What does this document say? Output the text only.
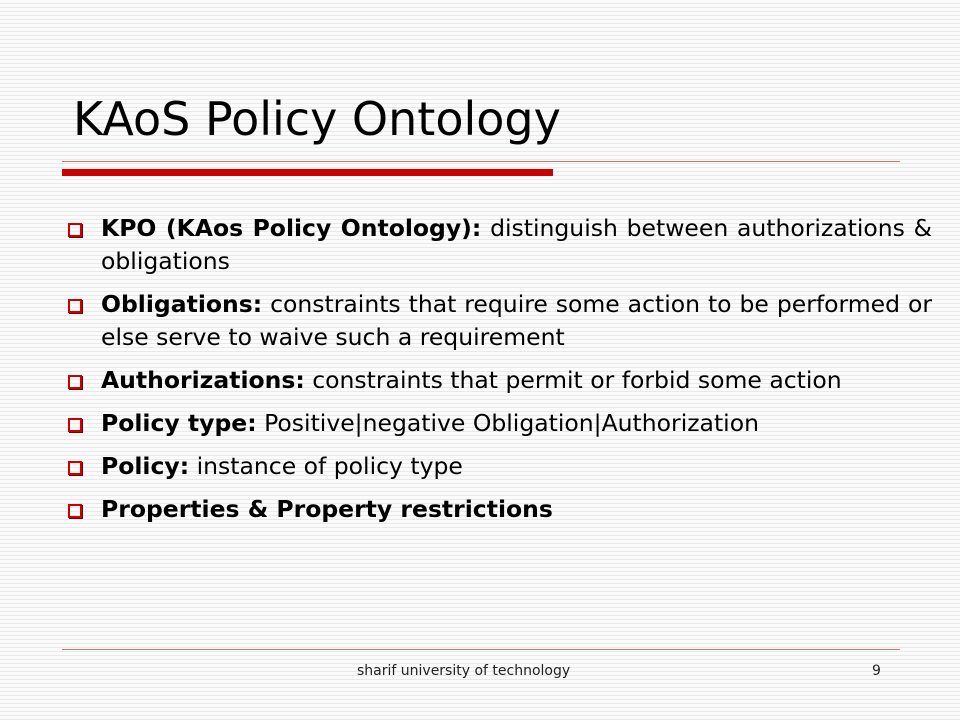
KAoS Policy Ontology
KPO (KAos Policy Ontology): distinguish between authorizations & obligations
Obligations: constraints that require some action to be performed or else serve to waive such a requirement
Authorizations: constraints that permit or forbid some action
Policy type: Positive|negative Obligation|Authorization
Policy: instance of policy type
Properties & Property restrictions
sharif university of technology	9
